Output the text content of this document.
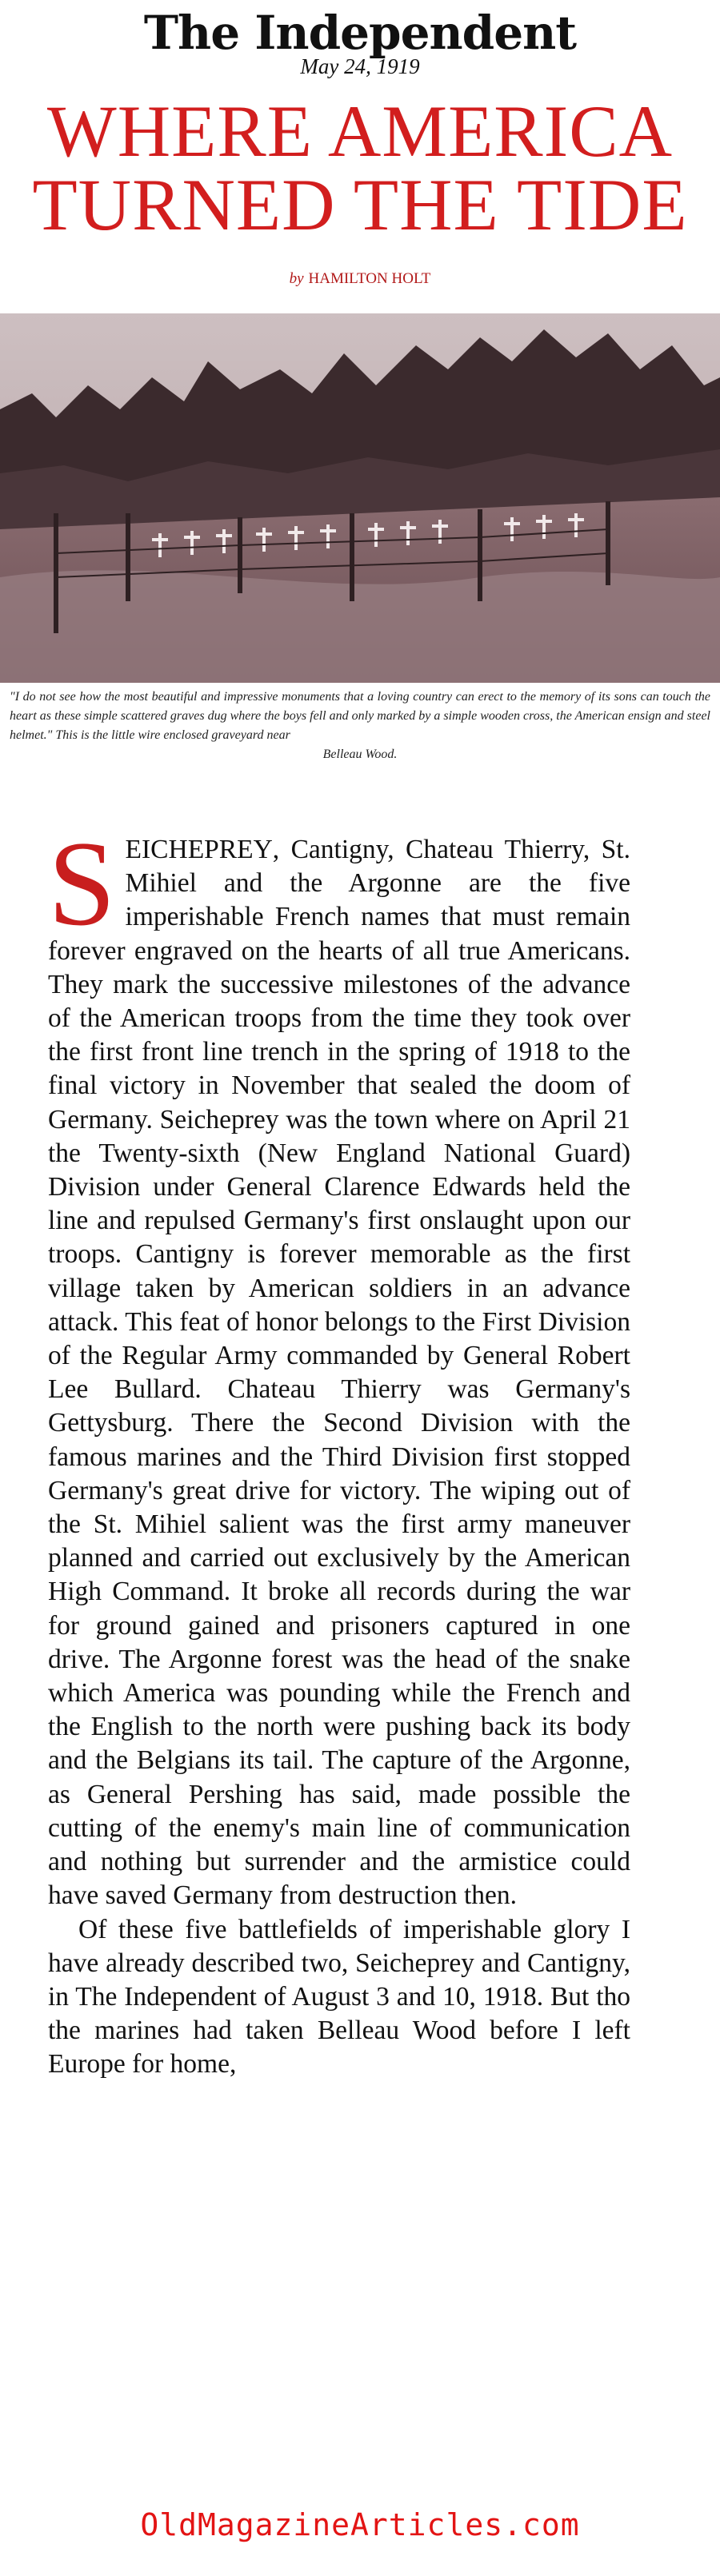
The Independent
May 24, 1919
WHERE AMERICA
TURNED THE TIDE
by HAMILTON HOLT
"I do not see how the most beautiful and impressive monuments that a loving country can erect to the memory of its sons can touch the heart as these simple scattered graves dug where the boys fell and only marked by a simple wooden cross, the American ensign and steel helmet." This is the little wire enclosed graveyard near
Belleau Wood.

SEICHEPREY, Cantigny, Chateau Thierry, St. Mihiel and the Argonne are the five imperishable French names that must remain forever engraved on the hearts of all true Americans. They mark the successive milestones of the advance of the American troops from the time they took over the first front line trench in the spring of 1918 to the final victory in November that sealed the doom of Germany. Seicheprey was the town where on April 21 the Twenty-sixth (New England National Guard) Division under General Clarence Edwards held the line and repulsed Germany's first onslaught upon our troops. Cantigny is forever memorable as the first village taken by American soldiers in an advance attack. This feat of honor belongs to the First Division of the Regular Army commanded by General Robert Lee Bullard. Chateau Thierry was Germany's Gettysburg. There the Second Division with the famous marines and the Third Division first stopped Germany's great drive for victory. The wiping out of the St. Mihiel salient was the first army maneuver planned and carried out exclusively by the American High Command. It broke all records during the war for ground gained and prisoners captured in one drive. The Argonne forest was the head of the snake which America was pounding while the French and the English to the north were pushing back its body and the Belgians its tail. The capture of the Argonne, as General Pershing has said, made possible the cutting of the enemy's main line of communication and nothing but surrender and the armistice could have saved Germany from destruction then.

Of these five battlefields of imperishable glory I have already described two, Seicheprey and Cantigny, in The Independent of August 3 and 10, 1918. But tho the marines had taken Belleau Wood before I left Europe for home,

OldMagazineArticles.com
